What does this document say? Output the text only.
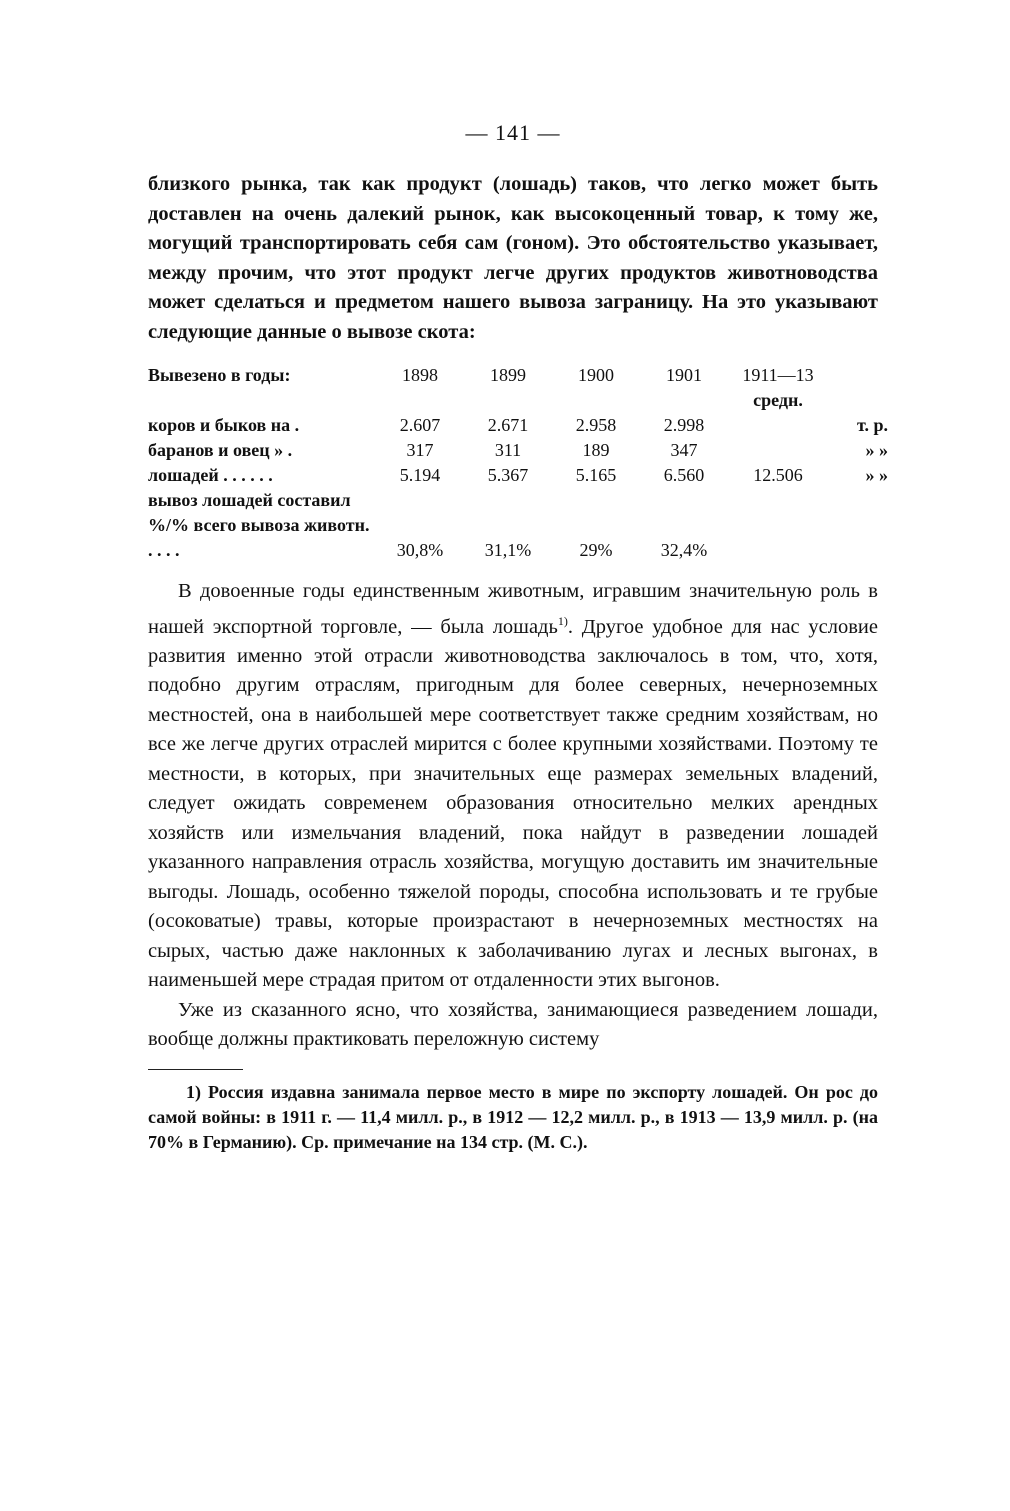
— 141 —

близкого рынка, так как продукт (лошадь) таков, что легко может быть доставлен на очень далекий рынок, как высокоценный товар, к тому же, могущий транспортировать себя сам (гоном). Это обстоятельство указывает, между прочим, что этот продукт легче других продуктов животноводства может сделаться и предметом нашего вывоза заграницу. На это указывают следующие данные о вывозе скота:

Вывезено в годы:	1898	1899	1900	1901	1911—13	
					средн.	
коров и быков на .	2.607	2.671	2.958	2.998		т. р.
баранов и овец » .	317	311	189	347		» »
лошадей . . . . . .	5.194	5.367	5.165	6.560	12.506	» »
вывоз лошадей составил %/% всего вывоза животн. . . . .	30,8%	31,1%	29%	32,4%		

В довоенные годы единственным животным, игравшим значительную роль в нашей экспортной торговле, — была лошадь$^{1)}$. Другое удобное для нас условие развития именно этой отрасли животноводства заключалось в том, что, хотя, подобно другим отраслям, пригодным для более северных, нечерноземных местностей, она в наибольшей мере соответствует также средним хозяйствам, но все же легче других отраслей мирится с более крупными хозяйствами. Поэтому те местности, в которых, при значительных еще размерах земельных владений, следует ожидать современем образования относительно мелких арендных хозяйств или измельчания владений, пока найдут в разведении лошадей указанного направления отрасль хозяйства, могущую доставить им значительные выгоды. Лошадь, особенно тяжелой породы, способна использовать и те грубые (осоковатые) травы, которые произрастают в нечерноземных местностях на сырых, частью даже наклонных к заболачиванию лугах и лесных выгонах, в наименьшей мере страдая притом от отдаленности этих выгонов.

Уже из сказанного ясно, что хозяйства, занимающиеся разведением лошади, вообще должны практиковать переложную систему

1) Россия издавна занимала первое место в мире по экспорту лошадей. Он рос до самой войны: в 1911 г. — 11,4 милл. р., в 1912 — 12,2 милл. р., в 1913 — 13,9 милл. р. (на 70% в Германию). Ср. примечание на 134 стр. (М. С.).
